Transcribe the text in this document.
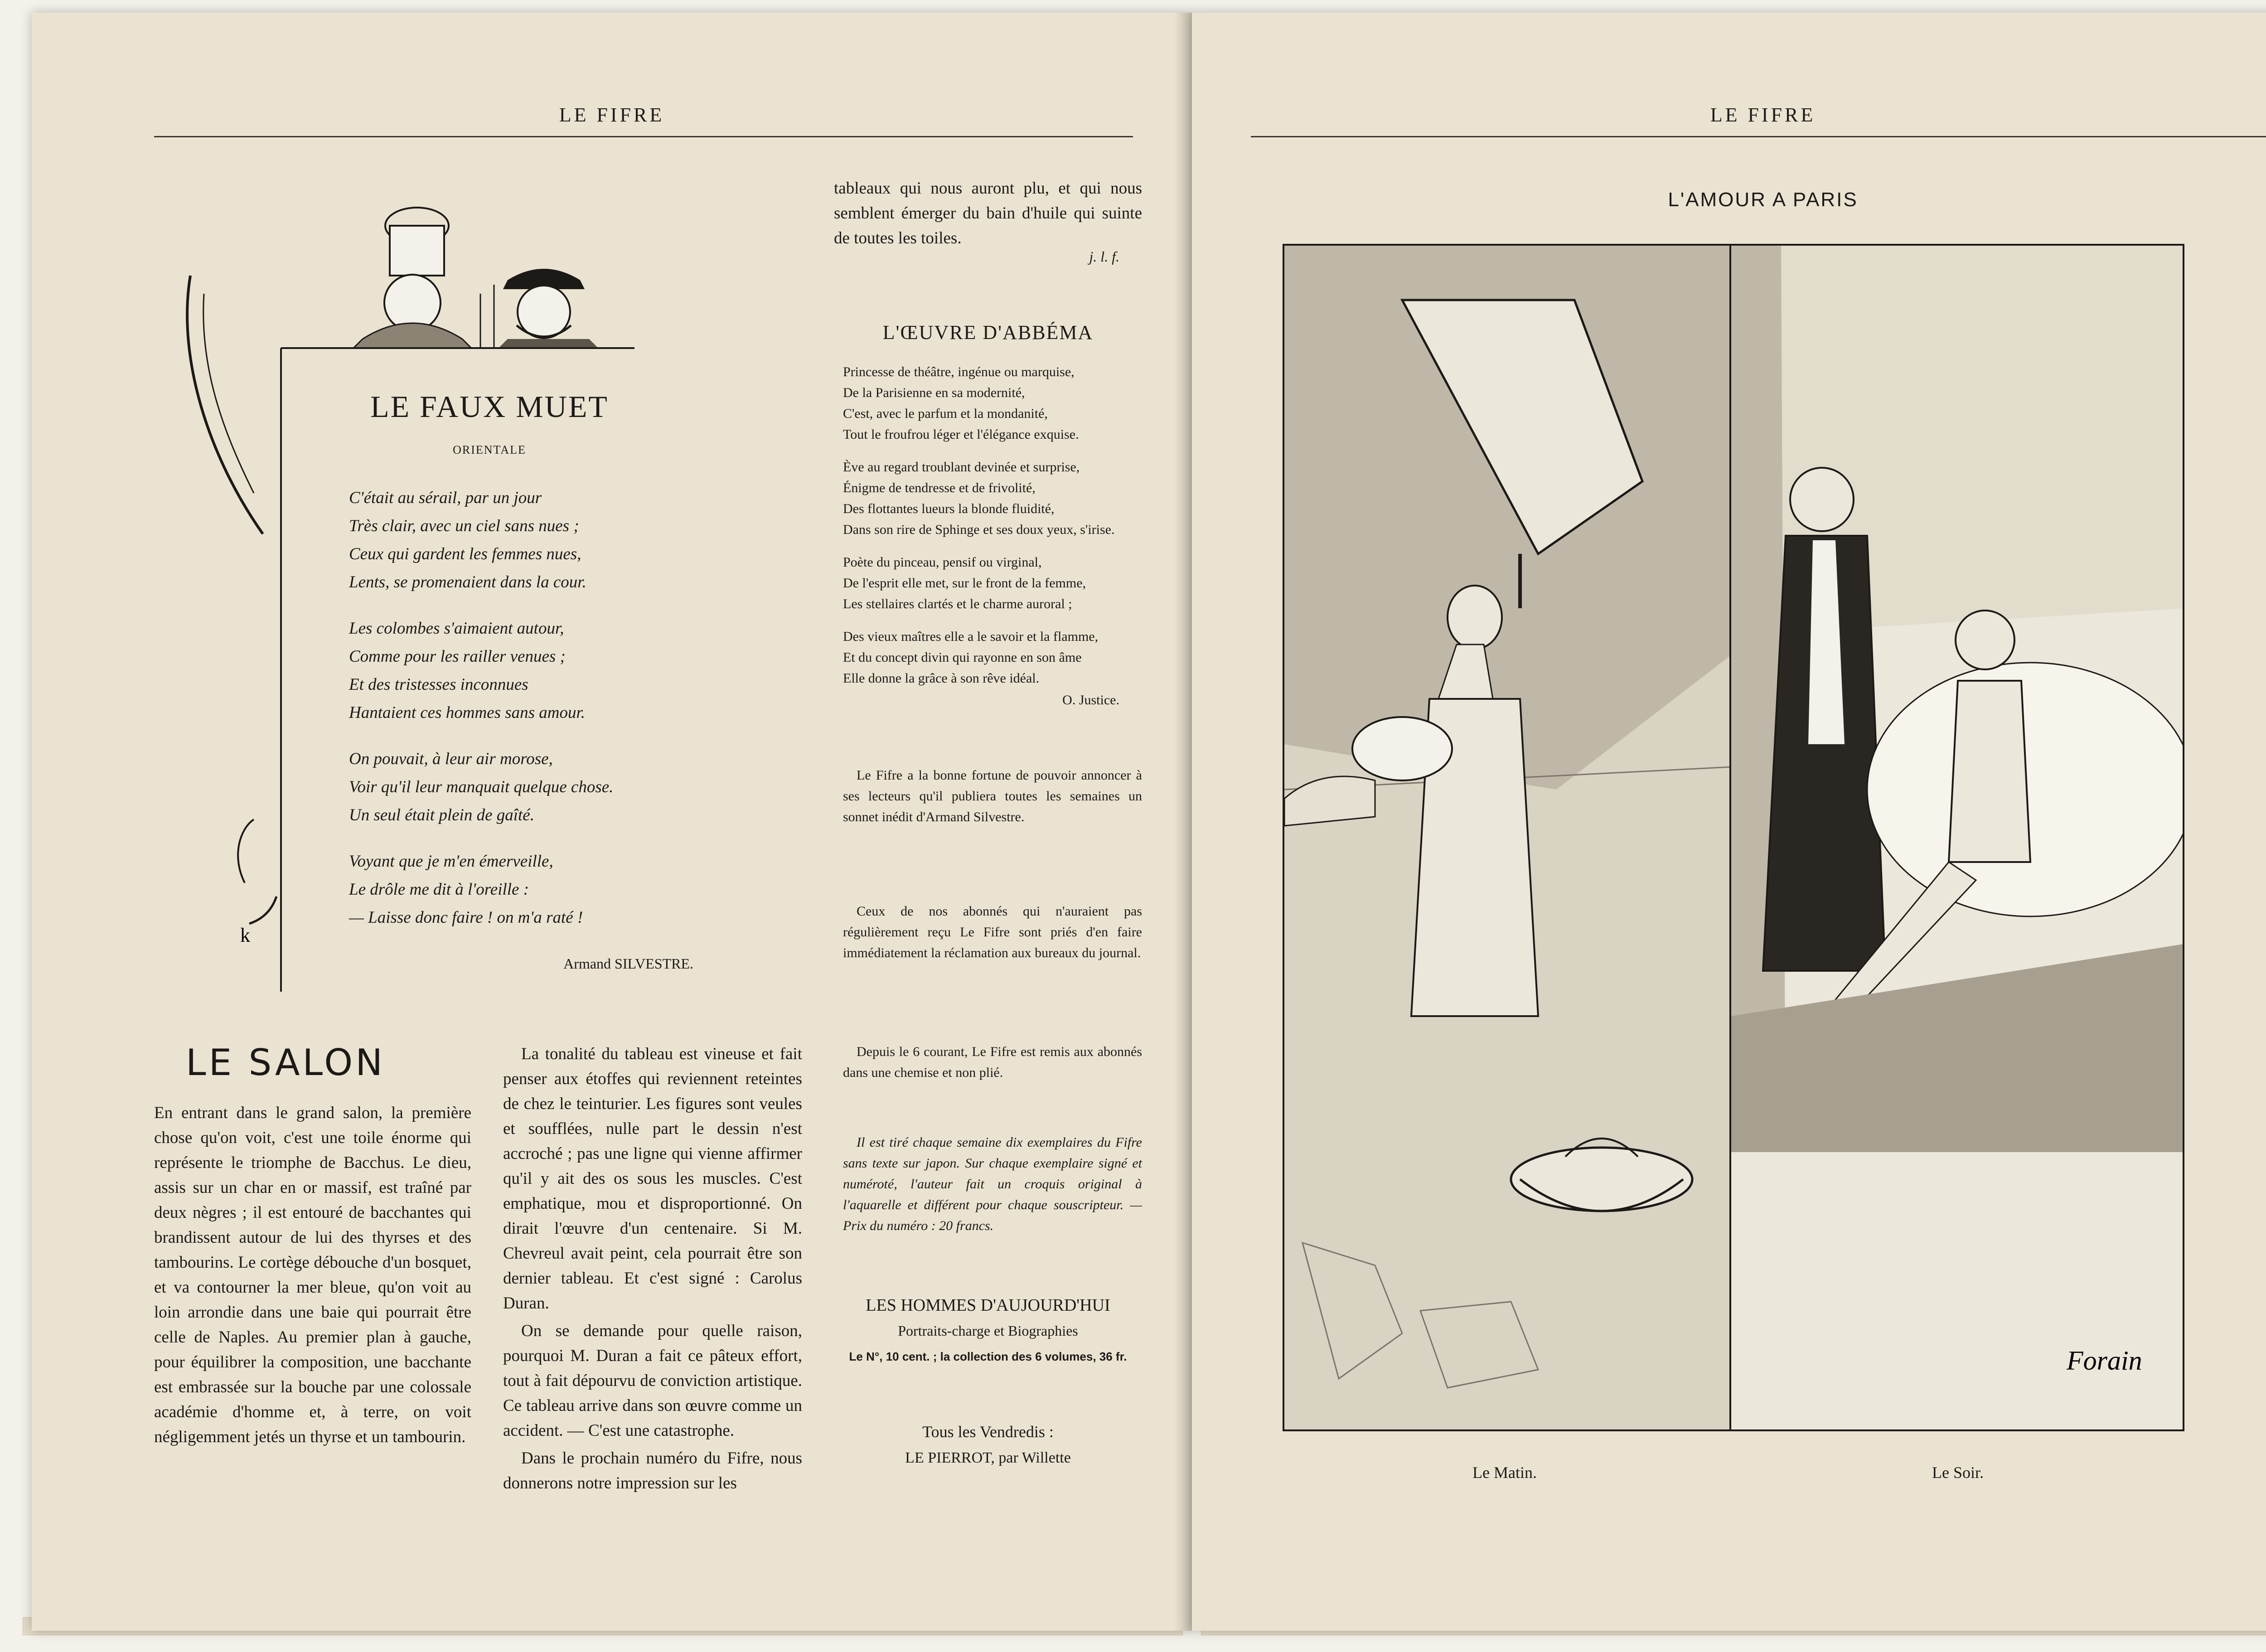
LE FIFRE
k
LE FAUX MUET
ORIENTALE
C'était au sérail, par un jour
Très clair, avec un ciel sans nues ;
Ceux qui gardent les femmes nues,
Lents, se promenaient dans la cour.
Les colombes s'aimaient autour,
Comme pour les railler venues ;
Et des tristesses inconnues
Hantaient ces hommes sans amour.
On pouvait, à leur air morose,
Voir qu'il leur manquait quelque chose.
Un seul était plein de gaîté.
Voyant que je m'en émerveille,
Le drôle me dit à l'oreille :
— Laisse donc faire ! on m'a raté !
Armand SILVESTRE.
LE SALON
En entrant dans le grand salon, la première chose qu'on voit, c'est une toile énorme qui représente le triomphe de Bacchus. Le dieu, assis sur un char en or massif, est traîné par deux nègres ; il est entouré de bacchantes qui brandissent autour de lui des thyrses et des tambourins. Le cortège débouche d'un bosquet, et va contourner la mer bleue, qu'on voit au loin arrondie dans une baie qui pourrait être celle de Naples. Au premier plan à gauche, pour équilibrer la composition, une bacchante est embrassée sur la bouche par une colossale académie d'homme et, à terre, on voit négligemment jetés un thyrse et un tambourin.

La tonalité du tableau est vineuse et fait penser aux étoffes qui reviennent reteintes de chez le teinturier. Les figures sont veules et soufflées, nulle part le dessin n'est accroché ; pas une ligne qui vienne affirmer qu'il y ait des os sous les muscles. C'est emphatique, mou et disproportionné. On dirait l'œuvre d'un centenaire. Si M. Chevreul avait peint, cela pourrait être son dernier tableau. Et c'est signé : Carolus Duran.

On se demande pour quelle raison, pourquoi M. Duran a fait ce pâteux effort, tout à fait dépourvu de conviction artistique. Ce tableau arrive dans son œuvre comme un accident. — C'est une catastrophe.

Dans le prochain numéro du Fifre, nous donnerons notre impression sur les

tableaux qui nous auront plu, et qui nous semblent émerger du bain d'huile qui suinte de toutes les toiles.
j. l. f.
L'ŒUVRE D'ABBÉMA
Princesse de théâtre, ingénue ou marquise,
De la Parisienne en sa modernité,
C'est, avec le parfum et la mondanité,
Tout le froufrou léger et l'élégance exquise.
Ève au regard troublant devinée et surprise,
Énigme de tendresse et de frivolité,
Des flottantes lueurs la blonde fluidité,
Dans son rire de Sphinge et ses doux yeux, s'irise.
Poète du pinceau, pensif ou virginal,
De l'esprit elle met, sur le front de la femme,
Les stellaires clartés et le charme auroral ;
Des vieux maîtres elle a le savoir et la flamme,
Et du concept divin qui rayonne en son âme
Elle donne la grâce à son rêve idéal.
O. Justice.
Le Fifre a la bonne fortune de pouvoir annoncer à ses lecteurs qu'il publiera toutes les semaines un sonnet inédit d'Armand Silvestre.
Ceux de nos abonnés qui n'auraient pas régulièrement reçu Le Fifre sont priés d'en faire immédiatement la réclamation aux bureaux du journal.
Depuis le 6 courant, Le Fifre est remis aux abonnés dans une chemise et non plié.
Il est tiré chaque semaine dix exemplaires du Fifre sans texte sur japon. Sur chaque exemplaire signé et numéroté, l'auteur fait un croquis original à l'aquarelle et différent pour chaque souscripteur. — Prix du numéro : 20 francs.
LES HOMMES D'AUJOURD'HUI
Portraits-charge et Biographies
Le N°, 10 cent. ; la collection des 6 volumes, 36 fr.
Tous les Vendredis :
LE PIERROT, par Willette
LE FIFRE
L'AMOUR A PARIS
Forain
Le Matin.	Le Soir.
